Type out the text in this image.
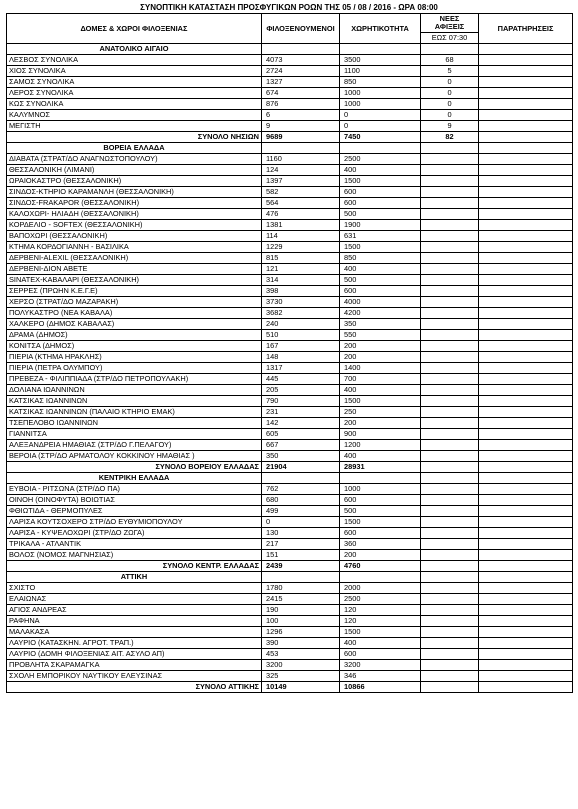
ΣΥΝΟΠΤΙΚΗ ΚΑΤΑΣΤΑΣΗ ΠΡΟΣΦΥΓΙΚΩΝ ΡΟΩΝ ΤΗΣ 05 / 08 / 2016 - ΩΡΑ 08:00
ΔΟΜΕΣ & ΧΩΡΟΙ ΦΙΛΟΞΕΝΙΑΣ	ΦΙΛΟΞΕΝΟΥΜΕΝΟΙ	ΧΩΡΗΤΙΚΟΤΗΤΑ	ΝΕΕΣ
ΑΦΙΞΕΙΣ	ΠΑΡΑΤΗΡΗΣΕΙΣ
			ΕΩΣ 07:30	
ΑΝΑΤΟΛΙΚΟ ΑΙΓΑΙΟ				
ΛΕΣΒΟΣ ΣΥΝΟΛΙΚΑ	4073	3500	68	
ΧΙΟΣ ΣΥΝΟΛΙΚΑ	2724	1100	5	
ΣΑΜΟΣ ΣΥΝΟΛΙΚΑ	1327	850	0	
ΛΕΡΟΣ ΣΥΝΟΛΙΚΑ	674	1000	0	
ΚΩΣ ΣΥΝΟΛΙΚΑ	876	1000	0	
ΚΑΛΥΜΝΟΣ	6	0	0	
ΜΕΓΙΣΤΗ	9	0	9	
ΣΥΝΟΛΟ ΝΗΣΙΩΝ	9689	7450	82	
ΒΟΡΕΙΑ ΕΛΛΑΔΑ				
ΔΙΑΒΑΤΑ (ΣΤΡΑΤ/ΔΟ ΑΝΑΓΝΩΣΤΟΠΟΥΛΟΥ)	1160	2500		
ΘΕΣΣΑΛΟΝΙΚΗ (ΛΙΜΑΝΙ)	124	400		
ΩΡΑΙΟΚΑΣΤΡΟ (ΘΕΣΣΑΛΟΝΙΚΗ)	1397	1500		
ΣΙΝΔΟΣ-ΚΤΗΡΙΟ ΚΑΡΑΜΑΝΛΗ (ΘΕΣΣΑΛΟΝΙΚΗ)	582	600		
ΣΙΝΔΟΣ-FRAKAPOR (ΘΕΣΣΑΛΟΝΙΚΗ)	564	600		
ΚΑΛΟΧΩΡΙ- ΗΛΙΑΔΗ (ΘΕΣΣΑΛΟΝΙΚΗ)	476	500		
ΚΟΡΔΕΛΙΟ - SOFTEX (ΘΕΣΣΑΛΟΝΙΚΗ)	1381	1900		
ΒΑΠΟΧΩΡΙ (ΘΕΣΣΑΛΟΝΙΚΗ)	114	631		
ΚΤΗΜΑ ΚΟΡΔΟΓΙΑΝΝΗ - ΒΑΣΙΛΙΚΑ	1229	1500		
ΔΕΡΒΕΝΙ-ALEXIL (ΘΕΣΣΑΛΟΝΙΚΗ)	815	850		
ΔΕΡΒΕΝΙ-ΔΙΟΝ ΑΒΕΤΕ	121	400		
SINATEX-ΚΑΒΑΛΑΡΙ (ΘΕΣΣΑΛΟΝΙΚΗ)	314	500		
ΣΕΡΡΕΣ (ΠΡΩΗΝ Κ.Ε.Γ.Ε)	398	600		
ΧΕΡΣΟ (ΣΤΡΑΤ/ΔΟ ΜΑΖΑΡΑΚΗ)	3730	4000		
ΠΟΛΥΚΑΣΤΡΟ (ΝΕΑ ΚΑΒΑΛΑ)	3682	4200		
ΧΑΛΚΕΡΟ (ΔΗΜΟΣ ΚΑΒΑΛΑΣ)	240	350		
ΔΡΑΜΑ (ΔΗΜΟΣ)	510	550		
ΚΟΝΙΤΣΑ (ΔΗΜΟΣ)	167	200		
ΠΙΕΡΙΑ (ΚΤΗΜΑ ΗΡΑΚΛΗΣ)	148	200		
ΠΙΕΡΙΑ (ΠΕΤΡΑ ΟΛΥΜΠΟΥ)	1317	1400		
ΠΡΕΒΕΖΑ - ΦΙΛΙΠΠΙΑΔΑ (ΣΤΡ/ΔΟ ΠΕΤΡΟΠΟΥΛΑΚΗ)	445	700		
ΔΟΛΙΑΝΑ ΙΩΑΝΝΙΝΩΝ	205	400		
ΚΑΤΣΙΚΑΣ ΙΩΑΝΝΙΝΩΝ	790	1500		
ΚΑΤΣΙΚΑΣ ΙΩΑΝΝΙΝΩΝ (ΠΑΛΑΙΟ ΚΤΗΡΙΟ ΕΜΑΚ)	231	250		
ΤΣΕΠΕΛΟΒΟ ΙΩΑΝΝΙΝΩΝ	142	200		
ΓΙΑΝΝΙΤΣΑ	605	900		
ΑΛΕΞΑΝΔΡΕΙΑ ΗΜΑΘΙΑΣ (ΣΤΡ/ΔΟ Γ.ΠΕΛΑΓΟΥ)	667	1200		
ΒΕΡΟΙΑ (ΣΤΡ/ΔΟ ΑΡΜΑΤΟΛΟΥ ΚΟΚΚΙΝΟΥ ΗΜΑΘΙΑΣ )	350	400		
ΣΥΝΟΛΟ ΒΟΡΕΙΟΥ ΕΛΛΑΔΑΣ	21904	28931		
ΚΕΝΤΡΙΚΗ ΕΛΛΑΔΑ				
ΕΥΒΟΙΑ - ΡΙΤΣΩΝΑ (ΣΤΡ/ΔΟ ΠΑ)	762	1000		
ΟΙΝΟΗ (ΟΙΝΟΦΥΤΑ) ΒΟΙΩΤΙΑΣ	680	600		
ΦΘΙΩΤΙΔΑ - ΘΕΡΜΟΠΥΛΕΣ	499	500		
ΛΑΡΙΣΑ ΚΟΥΤΣΟΧΕΡΟ ΣΤΡ/ΔΟ ΕΥΘΥΜΙΟΠΟΥΛΟΥ	0	1500		
ΛΑΡΙΣΑ - ΚΥΨΕΛΟΧΩΡΙ (ΣΤΡ/ΔΟ ΖΩΓΑ)	130	600		
ΤΡΙΚΑΛΑ - ΑΤΛΑΝΤΙΚ	217	360		
ΒΟΛΟΣ (ΝΟΜΟΣ ΜΑΓΝΗΣΙΑΣ)	151	200		
ΣΥΝΟΛΟ ΚΕΝΤΡ. ΕΛΛΑΔΑΣ	2439	4760		
ΑΤΤΙΚΗ				
ΣΧΙΣΤΟ	1780	2000		
ΕΛΑΙΩΝΑΣ	2415	2500		
ΑΓΙΟΣ ΑΝΔΡΕΑΣ	190	120		
ΡΑΦΗΝΑ	100	120		
ΜΑΛΑΚΑΣΑ	1296	1500		
ΛΑΥΡΙΟ (ΚΑΤΑΣΚΗΝ. ΑΓΡΟΤ. ΤΡΑΠ.)	390	400		
ΛΑΥΡΙΟ (ΔΟΜΗ ΦΙΛΟΞΕΝΙΑΣ ΑΙΤ. ΑΣΥΛΟ ΑΠ)	453	600		
ΠΡΟΒΛΗΤΑ ΣΚΑΡΑΜΑΓΚΑ	3200	3200		
ΣΧΟΛΗ ΕΜΠΟΡΙΚΟΥ ΝΑΥΤΙΚΟΥ ΕΛΕΥΣΙΝΑΣ	325	346		
ΣΥΝΟΛΟ ΑΤΤΙΚΗΣ	10149	10866		
